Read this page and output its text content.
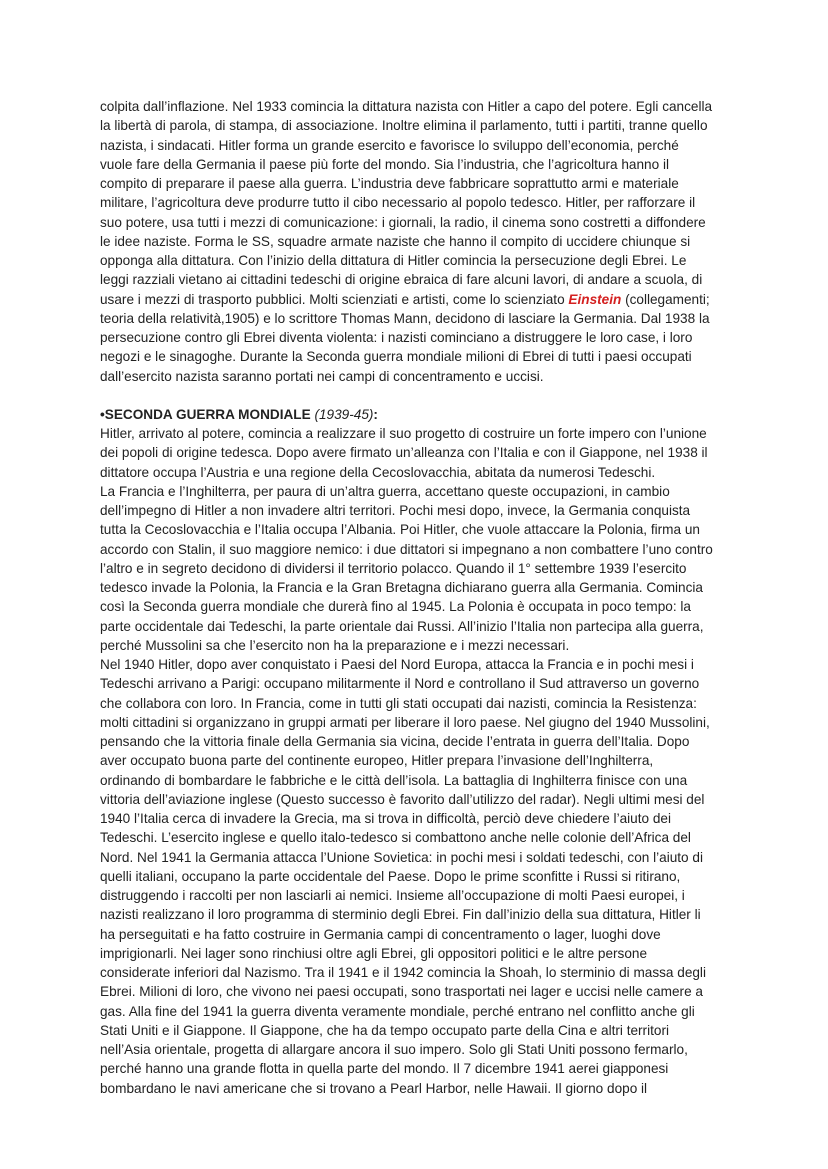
colpita dall’inflazione. Nel 1933 comincia la dittatura nazista con Hitler a capo del potere. Egli cancella

la libertà di parola, di stampa, di associazione. Inoltre elimina il parlamento, tutti i partiti, tranne quello

nazista, i sindacati. Hitler forma un grande esercito e favorisce lo sviluppo dell’economia, perché

vuole fare della Germania il paese più forte del mondo. Sia l’industria, che l’agricoltura hanno il

compito di preparare il paese alla guerra. L’industria deve fabbricare soprattutto armi e materiale

militare, l’agricoltura deve produrre tutto il cibo necessario al popolo tedesco. Hitler, per rafforzare il

suo potere, usa tutti i mezzi di comunicazione: i giornali, la radio, il cinema sono costretti a diffondere

le idee naziste. Forma le SS, squadre armate naziste che hanno il compito di uccidere chiunque si

opponga alla dittatura. Con l’inizio della dittatura di Hitler comincia la persecuzione degli Ebrei. Le

leggi razziali vietano ai cittadini tedeschi di origine ebraica di fare alcuni lavori, di andare a scuola, di

usare i mezzi di trasporto pubblici. Molti scienziati e artisti, come lo scienziato Einstein (collegamenti;

teoria della relatività,1905) e lo scrittore Thomas Mann, decidono di lasciare la Germania. Dal 1938 la

persecuzione contro gli Ebrei diventa violenta: i nazisti cominciano a distruggere le loro case, i loro

negozi e le sinagoghe. Durante la Seconda guerra mondiale milioni di Ebrei di tutti i paesi occupati

dall’esercito nazista saranno portati nei campi di concentramento e uccisi.

•SECONDA GUERRA MONDIALE (1939-45):

Hitler, arrivato al potere, comincia a realizzare il suo progetto di costruire un forte impero con l’unione

dei popoli di origine tedesca. Dopo avere firmato un’alleanza con l’Italia e con il Giappone, nel 1938 il

dittatore occupa l’Austria e una regione della Cecoslovacchia, abitata da numerosi Tedeschi.

La Francia e l’Inghilterra, per paura di un’altra guerra, accettano queste occupazioni, in cambio

dell’impegno di Hitler a non invadere altri territori. Pochi mesi dopo, invece, la Germania conquista

tutta la Cecoslovacchia e l’Italia occupa l’Albania. Poi Hitler, che vuole attaccare la Polonia, firma un

accordo con Stalin, il suo maggiore nemico: i due dittatori si impegnano a non combattere l’uno contro

l’altro e in segreto decidono di dividersi il territorio polacco. Quando il 1° settembre 1939 l’esercito

tedesco invade la Polonia, la Francia e la Gran Bretagna dichiarano guerra alla Germania. Comincia

così la Seconda guerra mondiale che durerà fino al 1945. La Polonia è occupata in poco tempo: la

parte occidentale dai Tedeschi, la parte orientale dai Russi. All’inizio l’Italia non partecipa alla guerra,

perché Mussolini sa che l’esercito non ha la preparazione e i mezzi necessari.

Nel 1940 Hitler, dopo aver conquistato i Paesi del Nord Europa, attacca la Francia e in pochi mesi i

Tedeschi arrivano a Parigi: occupano militarmente il Nord e controllano il Sud attraverso un governo

che collabora con loro. In Francia, come in tutti gli stati occupati dai nazisti, comincia la Resistenza:

molti cittadini si organizzano in gruppi armati per liberare il loro paese. Nel giugno del 1940 Mussolini,

pensando che la vittoria finale della Germania sia vicina, decide l’entrata in guerra dell’Italia. Dopo

aver occupato buona parte del continente europeo, Hitler prepara l’invasione dell’Inghilterra,

ordinando di bombardare le fabbriche e le città dell’isola. La battaglia di Inghilterra finisce con una

vittoria dell’aviazione inglese (Questo successo è favorito dall’utilizzo del radar). Negli ultimi mesi del

1940 l’Italia cerca di invadere la Grecia, ma si trova in difficoltà, perciò deve chiedere l’aiuto dei

Tedeschi. L’esercito inglese e quello italo-tedesco si combattono anche nelle colonie dell’Africa del

Nord. Nel 1941 la Germania attacca l’Unione Sovietica: in pochi mesi i soldati tedeschi, con l’aiuto di

quelli italiani, occupano la parte occidentale del Paese. Dopo le prime sconfitte i Russi si ritirano,

distruggendo i raccolti per non lasciarli ai nemici. Insieme all’occupazione di molti Paesi europei, i

nazisti realizzano il loro programma di sterminio degli Ebrei. Fin dall’inizio della sua dittatura, Hitler li

ha perseguitati e ha fatto costruire in Germania campi di concentramento o lager, luoghi dove

imprigionarli. Nei lager sono rinchiusi oltre agli Ebrei, gli oppositori politici e le altre persone

considerate inferiori dal Nazismo. Tra il 1941 e il 1942 comincia la Shoah, lo sterminio di massa degli

Ebrei. Milioni di loro, che vivono nei paesi occupati, sono trasportati nei lager e uccisi nelle camere a

gas. Alla fine del 1941 la guerra diventa veramente mondiale, perché entrano nel conflitto anche gli

Stati Uniti e il Giappone. Il Giappone, che ha da tempo occupato parte della Cina e altri territori

nell’Asia orientale, progetta di allargare ancora il suo impero. Solo gli Stati Uniti possono fermarlo,

perché hanno una grande flotta in quella parte del mondo. Il 7 dicembre 1941 aerei giapponesi

bombardano le navi americane che si trovano a Pearl Harbor, nelle Hawaii. Il giorno dopo il
